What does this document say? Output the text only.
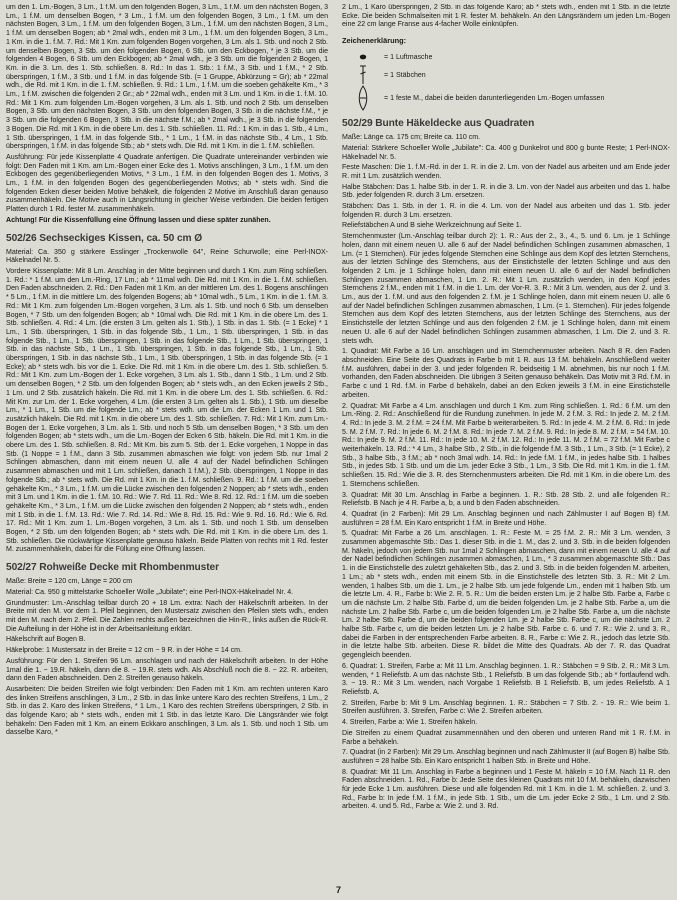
um den 1. Lm.-Bogen, 3 Lm., 1 f.M. um den folgenden Bogen, 3 Lm., 1 f.M. um den nächsten Bogen, 3 Lm., 1 f.M. um denselben Bogen, * 3 Lm., 1 f.M. um den folgenden Bogen, 3 Lm., 1 f.M. um den nächsten Bogen, 3 Lm., 1 f.M. um den folgenden Bogen, 3 Lm., 1 f.M. um den nächsten Bogen, 3 Lm., 1 f.M. um denselben Bogen; ab * 2mal wdh., enden mit 3 Lm., 1 f.M. um den folgenden Bogen, 3 Lm., 1 Km. in die 1. f.M. 7. Rd.: Mit 1 Km. zum folgenden Bogen vorgehen, 3 Lm. als 1. Stb. und noch 2 Stb. um denselben Bogen, 3 Stb. um den folgenden Bogen, 6 Stb. um den Eckbogen, * je 3 Stb. um die folgenden 4 Bogen, 6 Stb. um den Eckbogen; ab * 2mal wdh., je 3 Stb. um die folgenden 2 Bogen, 1 Km. in die 3. Lm. des 1. Stb. schließen. 8. Rd.: In das 1. Stb.: 1 f.M., 3 Stb. und 1 f.M., * 2 Stb. überspringen, 1 f.M., 3 Stb. und 1 f.M. in das folgende Stb. (= 1 Gruppe, Abkürzung = Gr); ab * 22mal wdh., die Rd. mit 1 Km. in die 1. f.M. schließen. 9. Rd.: 1 Lm., 1 f.M. um die soeben gehäkelte Km., * 3 Lm., 1 f.M. zwischen die folgenden 2 Gr.; ab * 22mal wdh., enden mit 3 Lm. und 1 Km. in die 1. f.M. 10. Rd.: Mit 1 Km. zum folgenden Lm.-Bogen vorgehen, 3 Lm. als 1. Stb. und noch 2 Stb. um denselben Bogen, 3 Stb. um den nächsten Bogen, 3 Stb. um den folgenden Bogen, 3 Stb. in die nächste f.M., * je 3 Stb. um die folgenden 6 Bogen, 3 Stb. in die nächste f.M.; ab * 2mal wdh., je 3 Stb. in die folgenden 3 Bogen. Die Rd. mit 1 Km. in die obere Lm. des 1. Stb. schließen. 11. Rd.: 1 Km. in das 1. Stb., 4 Lm., 1 Stb. überspringen, 1 f.M. in das folgende Stb., * 1 Lm., 1 f.M. in das nächste Stb., 4 Lm., 1 Stb. überspringen, 1 f.M. in das folgende Stb.; ab * stets wdh. Die Rd. mit 1 Km. in die 1. f.M. schließen.

Ausführung: Für jede Kissenplatte 4 Quadrate anfertigen. Die Quadrate untereinander verbinden wie folgt: Den Faden mit 1 Km. am Lm.-Bogen einer Ecke des 1. Motivs anschlingen, 3 Lm., 1 f.M. um den Eckbogen des gegenüberliegenden Motivs, * 3 Lm., 1 f.M. in den folgenden Bogen des 1. Motivs, 3 Lm., 1 f.M. in den folgenden Bogen des gegenüberliegenden Motivs; ab * stets wdh. Sind die folgenden Ecken dieser beiden Motive behäkelt, die folgenden 2 Motive im Anschluß daran genauso zusammenhäkeln. Die Motive auch in Längsrichtung in gleicher Weise verbinden. Die beiden fertigen Platten durch 1 Rd. fester M. zusammenhäkeln.

Achtung! Für die Kissenfüllung eine Öffnung lassen und diese später zunähen.

502/26 Sechseckiges Kissen, ca. 50 cm Ø

Material: Ca. 350 g stärkere Esslinger „Trockenwolle 64", Reine Schurwolle; eine Perl-INOX-Häkelnadel Nr. 5.

Vordere Kissenplatte: Mit 8 Lm. Anschlag in der Mitte beginnen und durch 1 Km. zum Ring schließen. 1. Rd.: * 1 f.M. um den Lm.-Ring, 17 Lm.; ab * 11mal wdh. Die Rd. mit 1 Km. in die 1. f.M. schließen. Den Faden abschneiden. 2. Rd.: Den Faden mit 1 Km. an der mittleren Lm. des 1. Bogens anschlingen * 5 Lm., 1 f.M. in die mittlere Lm. des folgenden Bogens; ab * 10mal wdh., 5 Lm., 1 Km. in die 1. f.M. 3. Rd.: Mit 1 Km. zum folgenden Lm.-Bogen vorgehen, 3 Lm. als 1. Stb. und noch 6 Stb. um denselben Bogen, * 7 Stb. um den folgenden Bogen; ab * 10mal wdh. Die Rd. mit 1 Km. in die obere Lm. des 1. Stb. schließen. 4. Rd.: 4 Lm. (die ersten 3 Lm. gelten als 1. Stb.), 1 Stb. in das 1. Stb. (= 1 Ecke) * 1 Lm., 1 Stb. überspringen, 1 Stb. in das folgende Stb., 1 Lm., 1 Stb. überspringen, 1 Stb. in das folgende Stb., 1 Lm., 1 Stb. überspringen, 1 Stb. in das folgende Stb., 1 Lm., 1 Stb. überspringen, 1 Stb. in das nächste Stb., 1 Lm., 1 Stb. überspringen, 1 Stb. in das folgende Stb., 1 Lm., 1 Stb. überspringen, 1 Stb. in das nächste Stb., 1 Lm., 1 Stb. überspringen, 1 Stb. in das folgende Stb. (= 1 Ecke); ab * stets wdh. bis vor die 1. Ecke. Die Rd. mit 1 Km. in die obere Lm. des 1. Stb. schließen. 5. Rd.: Mit 1 Km. zum Lm.-Bogen der 1. Ecke vorgehen, 3 Lm. als 1. Stb., dann 1 Stb., 1 Lm. und 2 Stb. um denselben Bogen, * 2 Stb. um den folgenden Bogen; ab * stets wdh., an den Ecken jeweils 2 Stb., 1 Lm. und 2 Stb. zusätzlich häkeln. Die Rd. mit 1 Km. in die obere Lm. des 1. Stb. schließen. 6. Rd.: Mit Km. zur Lm. der 1. Ecke vorgehen, 4 Lm. (die ersten 3 Lm. gelten als 1. Stb.), 1 Stb. um dieselbe Lm., * 1 Lm., 1 Stb. um die folgende Lm.; ab * stets wdh. um die Lm. der Ecken 1 Lm. und 1 Stb. zusätzlich häkeln. Die Rd. mit 1 Km. in die obere Lm. des 1. Stb. schließen. 7. Rd.: Mit 1 Km. zum Lm.-Bogen der 1. Ecke vorgehen, 3 Lm. als 1. Stb. und noch 5 Stb. um denselben Bogen, * 3 Stb. um den folgenden Bogen; ab * stets wdh., um die Lm.-Bogen der Ecken 6 Stb. häkeln. Die Rd. mit 1 Km. in die obere Lm. des 1. Stb. schließen. 8. Rd.: Mit Km. bis zum 5. Stb. der 1. Ecke vorgehen, 1 Noppe in das Stb. (1 Noppe = 1 f.M., dann 3 Stb. zusammen abmaschen wie folgt: von jedem Stb. nur 1mal 2 Schlingen abmaschen, dann mit einem neuen U. alle 4 auf der Nadel befindlichen Schlingen zusammen abmaschen und mit 1 Lm. schließen, danach 1 f.M.), 2 Stb. überspringen, 1 Noppe in das folgende Stb.; ab * stets wdh. Die Rd. mit 1 Km. in die 1. f.M. schließen. 9. Rd.: 1 f.M. um die soeben gehäkelte Km., * 3 Lm., 1 f.M. um die Lücke zwischen den folgenden 2 Noppen; ab * stets wdh., enden mit 3 Lm. und 1 Km. in die 1. f.M. 10. Rd.: Wie 7. Rd. 11. Rd.: Wie 8. Rd. 12. Rd.: 1 f.M. um die soeben gehäkelte Km., * 3 Lm., 1 f.M. um die Lücke zwischen den folgenden 2 Noppen; ab * stets wdh., enden mit 1 Stb. in die 1. f.M. 13. Rd.: Wie 7. Rd. 14. Rd.: Wie 8. Rd. 15. Rd.: Wie 9. Rd. 16. Rd.: Wie 6. Rd. 17. Rd.: Mit 1 Km. zum 1. Lm.-Bogen vorgehen, 3 Lm. als 1. Stb. und noch 1 Stb. um denselben Bogen, * 2 Stb. um den folgenden Bogen; ab * stets wdh. Die Rd. mit 1 Km. in die obere Lm. des 1. Stb. schließen. Die rückwärtige Kissenplatte genauso häkeln. Beide Platten von rechts mit 1 Rd. fester M. zusammenhäkeln, dabei für die Füllung eine Öffnung lassen.

502/27 Rohweiße Decke mit Rhombenmuster

Maße: Breite = 120 cm, Länge = 200 cm

Material: Ca. 950 g mittelstarke Schoeller Wolle „Jubilate"; eine Perl-INOX-Häkelnadel Nr. 4.

Grundmuster: Lm.-Anschlag teilbar durch 20 + 18 Lm. extra: Nach der Häkelschrift arbeiten. In der Breite mit den M. vor dem 1. Pfeil beginnen, den Mustersatz zwischen den Pfeilen stets wdh., enden mit den M. nach dem 2. Pfeil. Die Zahlen rechts außen bezeichnen die Hin-R., links außen die Rück-R. Die Aufteilung in der Höhe ist in der Arbeitsanleitung erklärt.

Häkelschrift auf Bogen B.

Häkelprobe: 1 Mustersatz in der Breite = 12 cm − 9 R. in der Höhe = 14 cm.

Ausführung: Für den 1. Streifen 96 Lm. anschlagen und nach der Häkelschrift arbeiten. In der Höhe 1mal die 1. − 19.R. häkeln, dann die 8. − 19.R. stets wdh. Als Abschluß noch die 8. − 22. R. arbeiten, dann den Faden abschneiden. Den 2. Streifen genauso häkeln.

Ausarbeiten: Die beiden Streifen wie folgt verbinden: Den Faden mit 1 Km. am rechten unteren Karo des linken Streifens anschlingen, 3 Lm., 2 Stb. in das linke untere Karo des rechten Streifens, 1 Lm., 2 Stb. in das 2. Karo des linken Streifens, * 1 Lm., 1 Karo des rechten Streifens überspringen, 2 Stb. in das folgende Karo; ab * stets wdh., enden mit 1 Stb. in das letzte Karo. Die Längsränder wie folgt behäkeln: Den Faden mit 1 Km. an einem Eckkaro anschlingen, 3 Lm. als 1. Stb. und noch 1 Stb. um dasselbe Karo, *

2 Lm., 1 Karo überspringen, 2 Stb. in das folgende Karo; ab * stets wdh., enden mit 1 Stb. in die letzte Ecke. Die beiden Schmalseiten mit 1 R. fester M. behäkeln. An den Längsrändern um jeden Lm.-Bogen eine 22 cm lange Franse aus 4-facher Wolle einknüpfen.

Zeichenerklärung:
= 1 Luftmasche
= 1 Stäbchen
= 1 feste M., dabei die beiden darunterliegenden Lm.-Bogen umfassen
502/29 Bunte Häkeldecke aus Quadraten

Maße: Länge ca. 175 cm; Breite ca. 110 cm.

Material: Stärkere Schoeller Wolle „Jubilate": Ca. 400 g Dunkelrot und 800 g bunte Reste; 1 Perl-INOX-Häkelnadel Nr. 5.

Feste Maschen: Die 1. f.M.-Rd. in der 1. R. in die 2. Lm. von der Nadel aus arbeiten und am Ende jeder R. mit 1 Lm. zusätzlich wenden.

Halbe Stäbchen: Das 1. halbe Stb. in der 1. R. in die 3. Lm. von der Nadel aus arbeiten und das 1. halbe Stb. jeder folgenden R. durch 3 Lm. ersetzen.

Stäbchen: Das 1. Stb. in der 1. R. in die 4. Lm. von der Nadel aus arbeiten und das 1. Stb. jeder folgenden R. durch 3 Lm. ersetzen.

Reliefstäbchen A und B siehe Werkzeichnung auf Seite 1.

Sternchenmuster (Lm.-Anschlag teilbar durch 2): 1. R.: Aus der 2., 3., 4., 5. und 6. Lm. je 1 Schlinge holen, dann mit einem neuen U. alle 6 auf der Nadel befindlichen Schlingen zusammen abmaschen, 1 Lm. (= 1 Sternchen). Für jedes folgende Sternchen eine Schlinge aus dem Kopf des letzten Sternchens, aus der letzten Schlinge des Sternchens, aus der Einstichstelle der letzten Schlinge und aus den folgenden 2 Lm. je 1 Schlinge holen, dann mit einem neuen U. alle 6 auf der Nadel befindlichen Schlingen zusammen abmaschen, 1 Lm. 2. R.: Mit 1 Lm. zusätzlich wenden, in den Kopf jedes Sternchens 2 f.M., enden mit 1 f.M. in die 1. Lm. der Vor-R. 3. R.: Mit 3 Lm. wenden, aus der 2. und 3. Lm., aus der 1. f.M. und aus den folgenden 2. f.M. je 1 Schlinge holen, dann mit einem neuen U. alle 6 auf der Nadel befindlichen Schlingen zusammen abmaschen, 1 Lm. (= 1. Sternchen). Für jedes folgende Sternchen aus dem Kopf des letzten Sternchens, aus der letzten Schlinge des Sternchens, aus der Einstichstelle der letzten Schlinge und aus den folgenden 2 f.M. je 1 Schlinge holen, dann mit einem neuen U. alle 6 auf der Nadel befindlichen Schlingen zusammen abmaschen, 1 Lm. Die 2. und 3. R. stets wdh.

1. Quadrat: Mit Farbe a 16 Lm. anschlagen und im Sternchenmuster arbeiten. Nach 8 R. den Faden abschneiden. Eine Seite des Quadrats in Farbe b mit 1 R. aus 13 f.M. behäkeln. Anschließend weiter f.M. ausführen, dabei in der 3. und jeder folgenden R. beidseitig 1 M. abnehmen, bis nur noch 1 f.M. vorhanden, den Faden abschneiden. Die übrigen 3 Seiten genauso behäkeln. Das Motiv mit 3 Rd. f.M. in Farbe c und 1 Rd. f.M. in Farbe d behäkeln, dabei an den Ecken jeweils 3 f.M. in eine Einstichstelle arbeiten.

2. Quadrat: Mit Farbe a 4 Lm. anschlagen und durch 1 Km. zum Ring schließen. 1. Rd.: 6 f.M. um den Lm.-Ring. 2. Rd.: Anschließend für die Rundung zunehmen. In jede M. 2 f.M. 3. Rd.: In jede 2. M. 2 f.M. 4. Rd.: In jede 3. M. 2 f.M. = 24 f.M. Mit Farbe b weiterarbeiten. 5. Rd.: In jede 4. M. 2 f.M. 6. Rd.: In jede 5. M. 2 f.M. 7. Rd.: In jede 6. M. 2 f.M. 8. Rd.: In jede 7. M. 2 f.M. 9. Rd.: In jede 8. M. 2 f.M. = 54 f.M. 10. Rd.: In jede 9. M. 2 f.M. 11. Rd.: In jede 10. M. 2 f.M. 12. Rd.: In jede 11. M. 2 f.M. = 72 f.M. Mit Farbe c weiterhäkeln. 13. Rd.: * 4 Lm., 3 halbe Stb., 2 Stb., in die folgende f.M. 3 Stb., 1 Lm., 3 Stb. (= 1 Ecke), 2 Stb., 3 halbe Stb., 3 f.M.; ab * noch 3mal wdh. 14. Rd.: In jede f.M. 1 f.M., in jedes halbe Stb. 1 halbes Stb., in jedes Stb. 1 Stb. und um die Lm. jeder Ecke 3 Stb., 1 Lm., 3 Stb. Die Rd. mit 1 Km. in die 1. f.M. schließen. 15. Rd.: Wie die 3. R. des Sternchenmusters arbeiten. Die Rd. mit 1 Km. in die obere Lm. des 1. Sternchens schließen.

3. Quadrat: Mit 30 Lm. Anschlag in Farbe a beginnen. 1. R.: Stb. 28 Stb. 2. und alle folgenden R.: Reliefstb. B Nach je 4 R. Farbe a, b, a und b den Faden abschneiden.

4. Quadrat (in 2 Farben): Mit 29 Lm. Anschlag beginnen und nach Zählmuster I auf Bogen B) f.M. ausführen = 28 f.M. Ein Karo entspricht 1 f.M. in Breite und Höhe.

5. Quadrat: Mit Farbe a 26 Lm. anschlagen. 1. R.: Feste M. = 25 f.M. 2. R.: Mit 3 Lm. wenden, 3 zusammen abgemaschte Stb.: Das 1. dieser Stb. in die 1. M., das 2. und 3. Stb. in die beiden folgenden M. häkeln, jedoch von jedem Stb. nur 1mal 2 Schlingen abmaschen, dann mit einem neuen U. alle 4 auf der Nadel befindlichen Schlingen zusammen abmaschen, 1 Lm., * 3 zusammen abgemaschte Stb.: Das 1. in die Einstichstelle des zuletzt gehäkelten Stb., das 2. und 3. Stb. in die beiden folgenden M. arbeiten, 1 Lm.; ab * stets wdh., enden mit einem Stb. in die Einstichstelle des letzten Stb. 3. R.: Mit 2 Lm. wenden, 1 halbes Stb. um die 1. Lm., je 2 halbe Stb. um jede folgende Lm., enden mit 1 halben Stb. um die letzte Lm. 4. R., Farbe b: Wie 2. R. 5. R.: Um die beiden ersten Lm. je 2 halbe Stb. Farbe a, Farbe c um die nächste Lm. 2 halbe Stb. Farbe d, um die beiden folgenden Lm. je 2 halbe Stb. Farbe a, um die nächste Lm. 2 halbe Stb. Farbe c, um die beiden folgenden Lm. je 2 halbe Stb. Farbe a, um die nächste Lm. 2 halbe Stb. Farbe d, um die beiden folgenden Lm. je 2 halbe Stb. Farbe c, um die nächste Lm. 2 halbe Stb. Farbe c, um die beiden letzten Lm. je 2 halbe Stb. Farbe c. 6. und 7. R.: Wie 2. und 3. R., dabei die Farben in der entsprechenden Farbe arbeiten. 8. R., Farbe c: Wie 2. R., jedoch das letzte Stb. in die letzte halbe Stb. arbeiten. Diese R. bildet die Mitte des Quadrats. Ab der 7. R. das Quadrat gegengleich beenden.

6. Quadrat: 1. Streifen, Farbe a: Mit 11 Lm. Anschlag beginnen. 1. R.: Stäbchen = 9 Stb. 2. R.: Mit 3 Lm. wenden, * 1 Reliefstb. A um das nächste Stb., 1 Reliefstb. B um das folgende Stb.; ab * fortlaufend wdh. 3. − 19. R.: Mit 3 Lm. wenden, nach Vorgabe 1 Reliefstb. B 1 Reliefstb. B, um jedes Reliefstb. A 1 Reliefstb. A.

2. Streifen, Farbe b: Mit 9 Lm. Anschlag beginnen. 1. R.: Stäbchen = 7 Stb. 2. - 19. R.: Wie beim 1. Streifen ausführen. 3. Streifen, Farbe c: Wie 2. Streifen arbeiten.

4. Streifen, Farbe a: Wie 1. Streifen häkeln.

Die Streifen zu einem Quadrat zusammennähen und den oberen und unteren Rand mit 1 R. f.M. in Farbe a behäkeln.

7. Quadrat (in 2 Farben): Mit 29 Lm. Anschlag beginnen und nach Zählmuster II (auf Bogen B) halbe Stb. ausführen = 28 halbe Stb. Ein Karo entspricht 1 halben Stb. in Breite und Höhe.

8. Quadrat: Mit 11 Lm. Anschlag in Farbe a beginnen und 1 Feste M. häkeln = 10 f.M. Nach 11 R. den Faden abschneiden. 1. Rd., Farbe b: Jede Seite des kleinen Quadrats mit 10 f.M. behäkeln, dazwischen für jede Ecke 1 Lm. ausführen. Diese und alle folgenden Rd. mit 1 Km. in die 1. M. schließen. 2. und 3. Rd., Farbe b: In jede f.M. 1 f.M., in jede Stb. 1 Stb., um die Lm. jeder Ecke 2 Stb., 1 Lm. und 2 Stb. arbeiten. 4. und 5. Rd., Farbe a: Wie 2. und 3. Rd.

7
